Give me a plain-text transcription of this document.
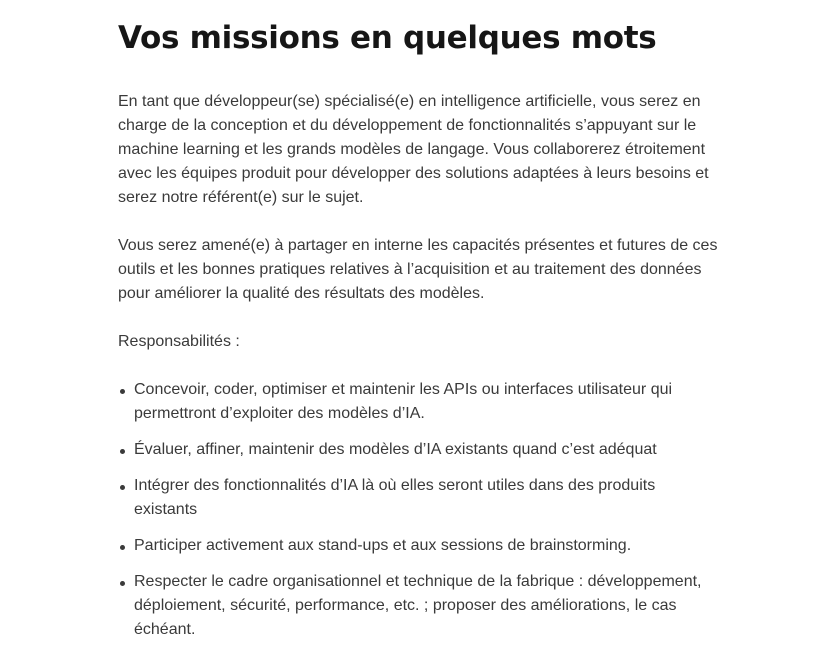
Vos missions en quelques mots

En tant que développeur(se) spécialisé(e) en intelligence artificielle, vous serez en charge de la conception et du développement de fonctionnalités s’appuyant sur le machine learning et les grands modèles de langage. Vous collaborerez étroitement avec les équipes produit pour développer des solutions adaptées à leurs besoins et serez notre référent(e) sur le sujet.

Vous serez amené(e) à partager en interne les capacités présentes et futures de ces outils et les bonnes pratiques relatives à l’acquisition et au traitement des données pour améliorer la qualité des résultats des modèles.

Responsabilités :

Concevoir, coder, optimiser et maintenir les APIs ou interfaces utilisateur qui permettront d’exploiter des modèles d’IA.
Évaluer, affiner, maintenir des modèles d’IA existants quand c’est adéquat
Intégrer des fonctionnalités d’IA là où elles seront utiles dans des produits existants
Participer activement aux stand-ups et aux sessions de brainstorming.
Respecter le cadre organisationnel et technique de la fabrique : développement, déploiement, sécurité, performance, etc. ; proposer des améliorations, le cas échéant.
